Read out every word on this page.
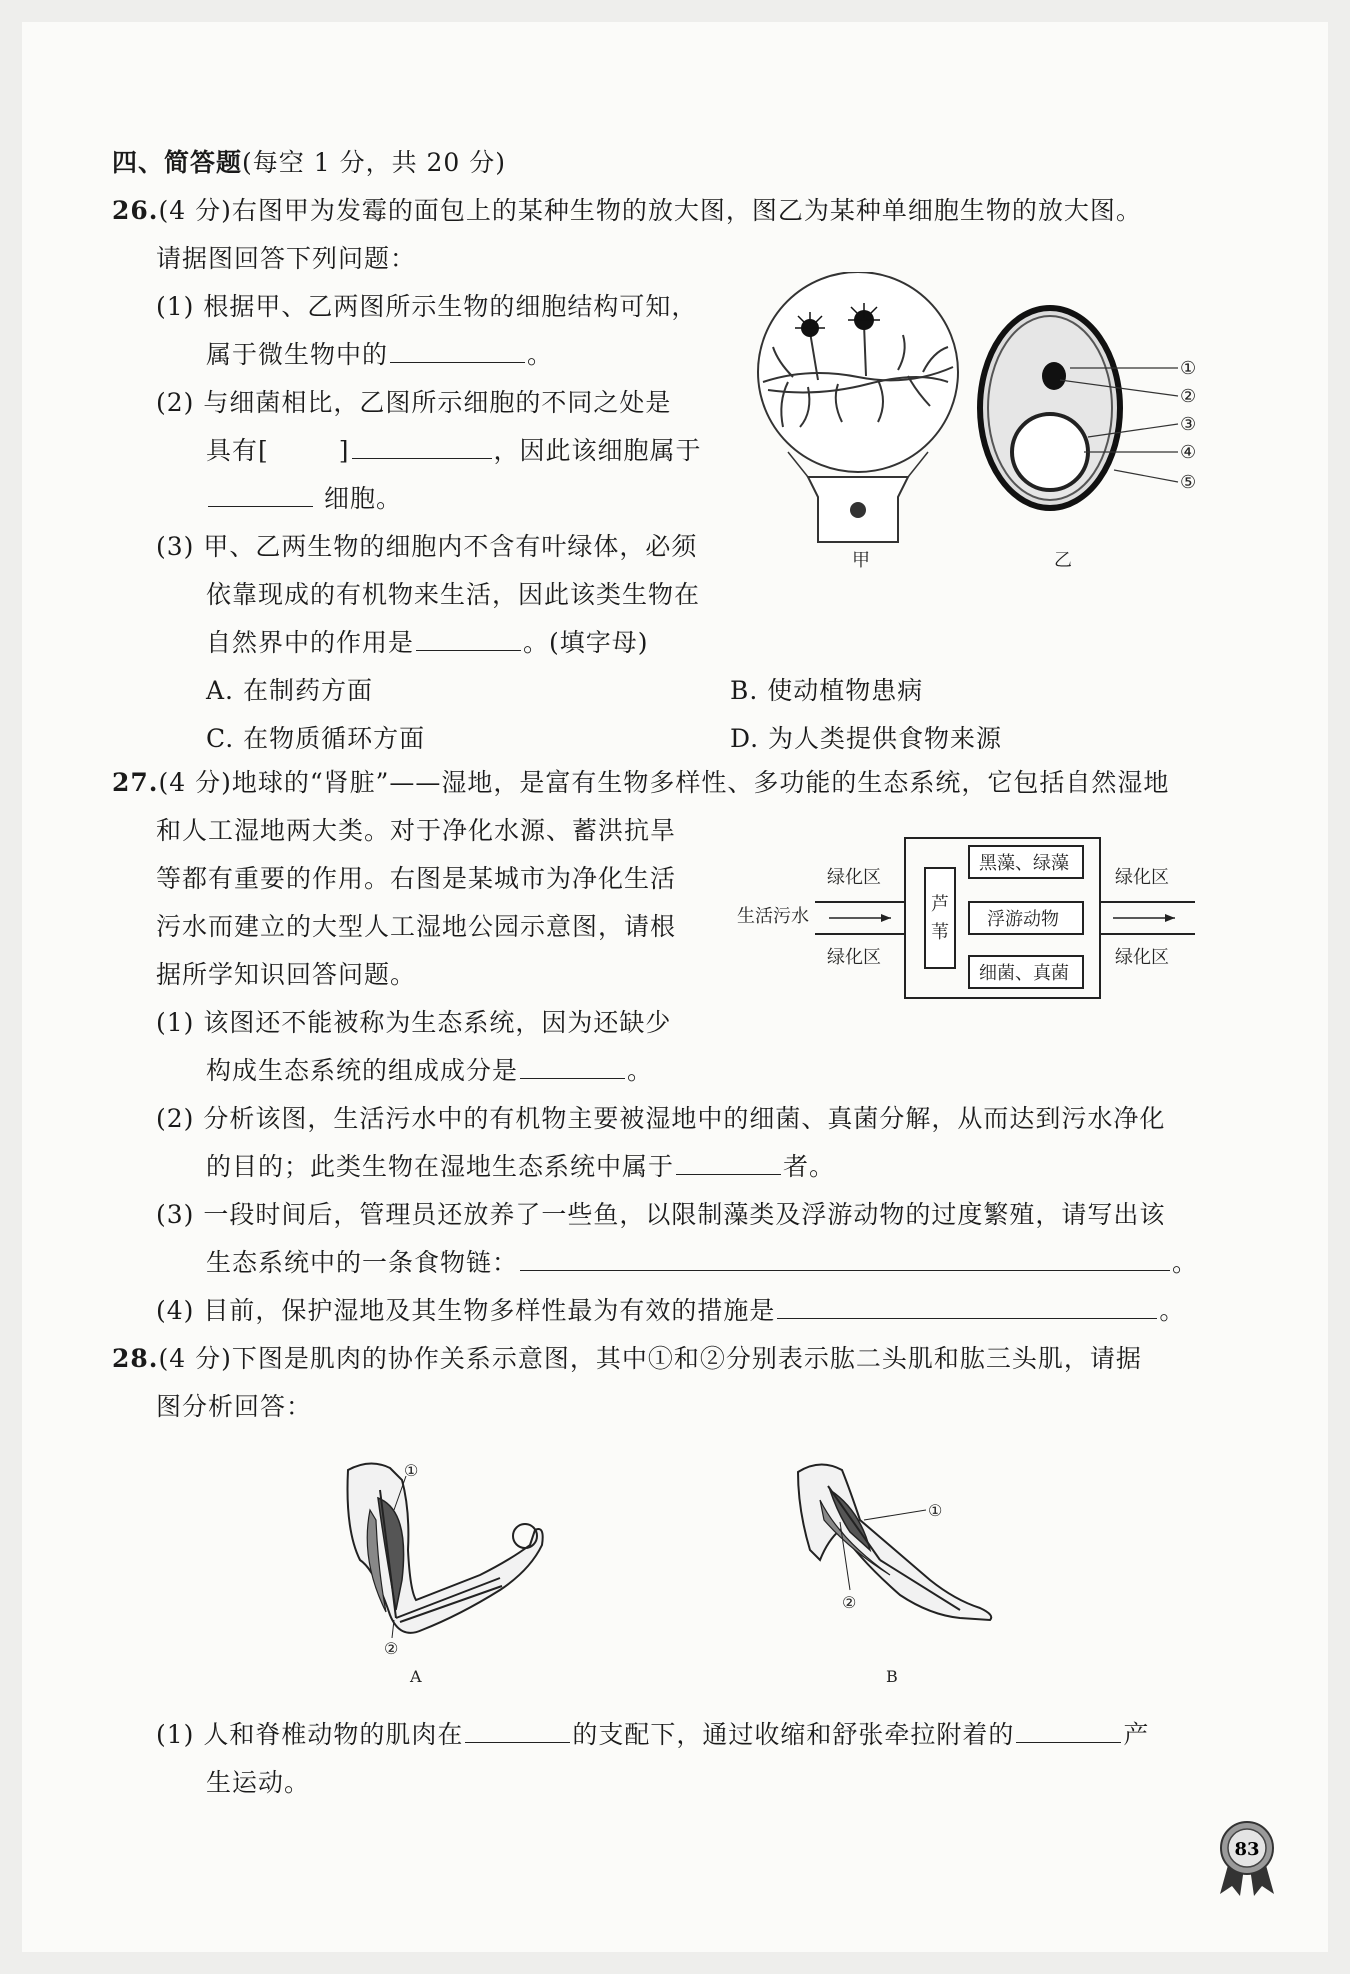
四、简答题(每空 1 分，共 20 分)
26.(4 分)右图甲为发霉的面包上的某种生物的放大图，图乙为某种单细胞生物的放大图。
请据图回答下列问题：
(1) 根据甲、乙两图所示生物的细胞结构可知，
属于微生物中的	。
(2) 与细菌相比，乙图所示细胞的不同之处是
具有[	]	，因此该细胞属于
细胞。
(3) 甲、乙两生物的细胞内不含有叶绿体，必须
依靠现成的有机物来生活，因此该类生物在
自然界中的作用是	。(填字母)
A. 在制药方面	B. 使动植物患病
C. 在物质循环方面	D. 为人类提供食物来源
甲
①
②
③
④
⑤
乙
27.(4 分)地球的“肾脏”——湿地，是富有生物多样性、多功能的生态系统，它包括自然湿地
和人工湿地两大类。对于净化水源、蓄洪抗旱
等都有重要的作用。右图是某城市为净化生活
污水而建立的大型人工湿地公园示意图，请根
据所学知识回答问题。
绿化区
绿化区
绿化区
绿化区
生活污水
芦
苇
黑藻、绿藻
浮游动物
细菌、真菌
(1) 该图还不能被称为生态系统，因为还缺少
构成生态系统的组成成分是	。
(2) 分析该图，生活污水中的有机物主要被湿地中的细菌、真菌分解，从而达到污水净化
的目的；此类生物在湿地生态系统中属于	者。
(3) 一段时间后，管理员还放养了一些鱼，以限制藻类及浮游动物的过度繁殖，请写出该
生态系统中的一条食物链：	。
(4) 目前，保护湿地及其生物多样性最为有效的措施是	。
28.(4 分)下图是肌肉的协作关系示意图，其中①和②分别表示肱二头肌和肱三头肌，请据
图分析回答：
①
②
A
①
②
B
(1) 人和脊椎动物的肌肉在	的支配下，通过收缩和舒张牵拉附着的	产
生运动。
83
